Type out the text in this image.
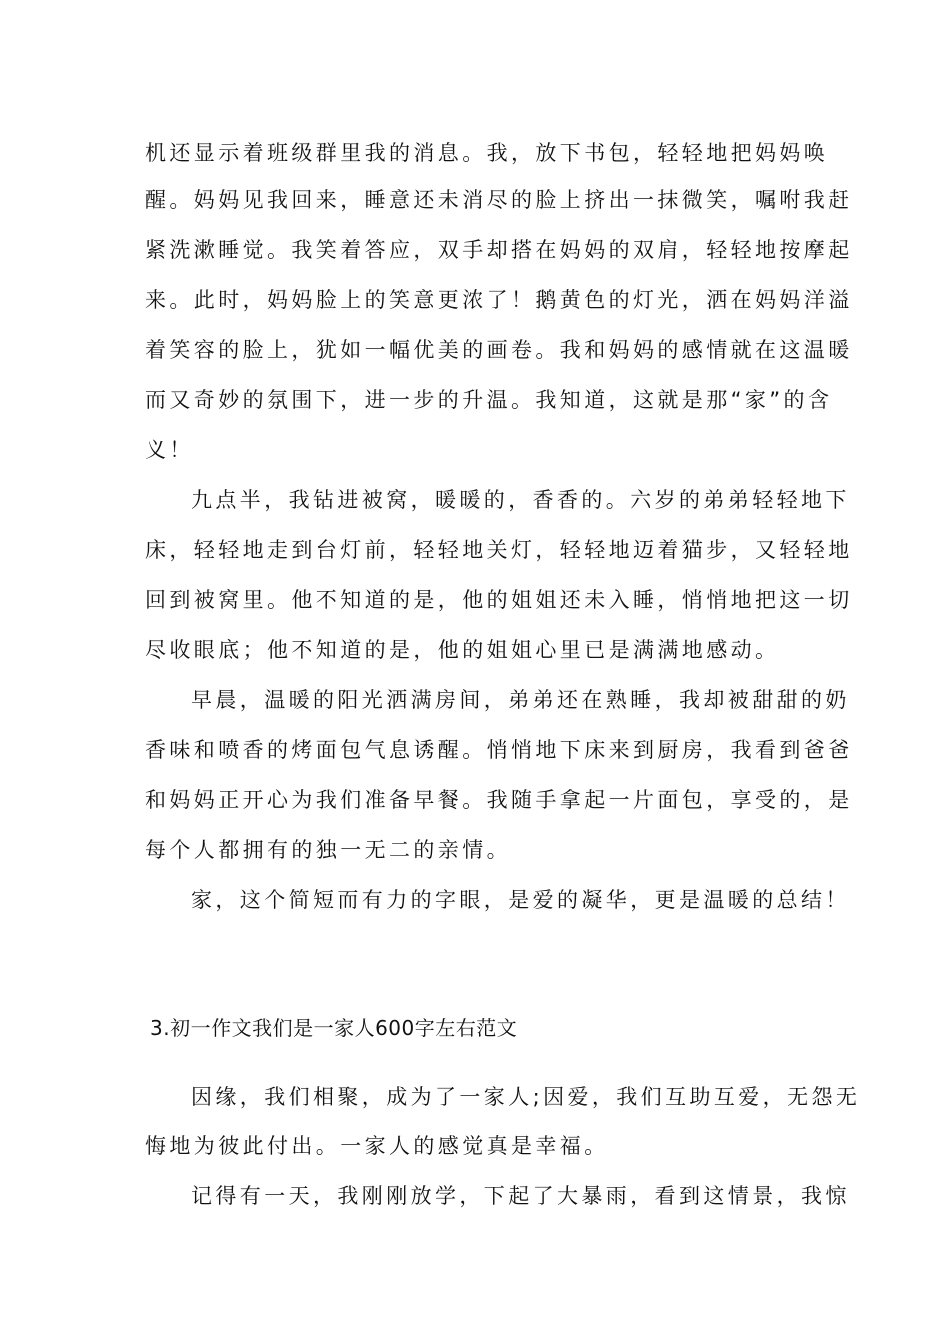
机还显示着班级群里我的消息。我，放下书包，轻轻地把妈妈唤
醒。妈妈见我回来，睡意还未消尽的脸上挤出一抹微笑，嘱咐我赶
紧洗漱睡觉。我笑着答应，双手却搭在妈妈的双肩，轻轻地按摩起
来。此时，妈妈脸上的笑意更浓了！鹅黄色的灯光，洒在妈妈洋溢
着笑容的脸上，犹如一幅优美的画卷。我和妈妈的感情就在这温暖
而又奇妙的氛围下，进一步的升温。我知道，这就是那“家”的含
义！
九点半，我钻进被窝，暖暖的，香香的。六岁的弟弟轻轻地下
床，轻轻地走到台灯前，轻轻地关灯，轻轻地迈着猫步，又轻轻地
回到被窝里。他不知道的是，他的姐姐还未入睡，悄悄地把这一切
尽收眼底；他不知道的是，他的姐姐心里已是满满地感动。
早晨，温暖的阳光洒满房间，弟弟还在熟睡，我却被甜甜的奶
香味和喷香的烤面包气息诱醒。悄悄地下床来到厨房，我看到爸爸
和妈妈正开心为我们准备早餐。我随手拿起一片面包，享受的，是
每个人都拥有的独一无二的亲情。
家，这个简短而有力的字眼，是爱的凝华，更是温暖的总结！
3.初一作文我们是一家人600字左右范文
因缘，我们相聚，成为了一家人;因爱，我们互助互爱，无怨无
悔地为彼此付出。一家人的感觉真是幸福。
记得有一天，我刚刚放学，下起了大暴雨，看到这情景，我惊
